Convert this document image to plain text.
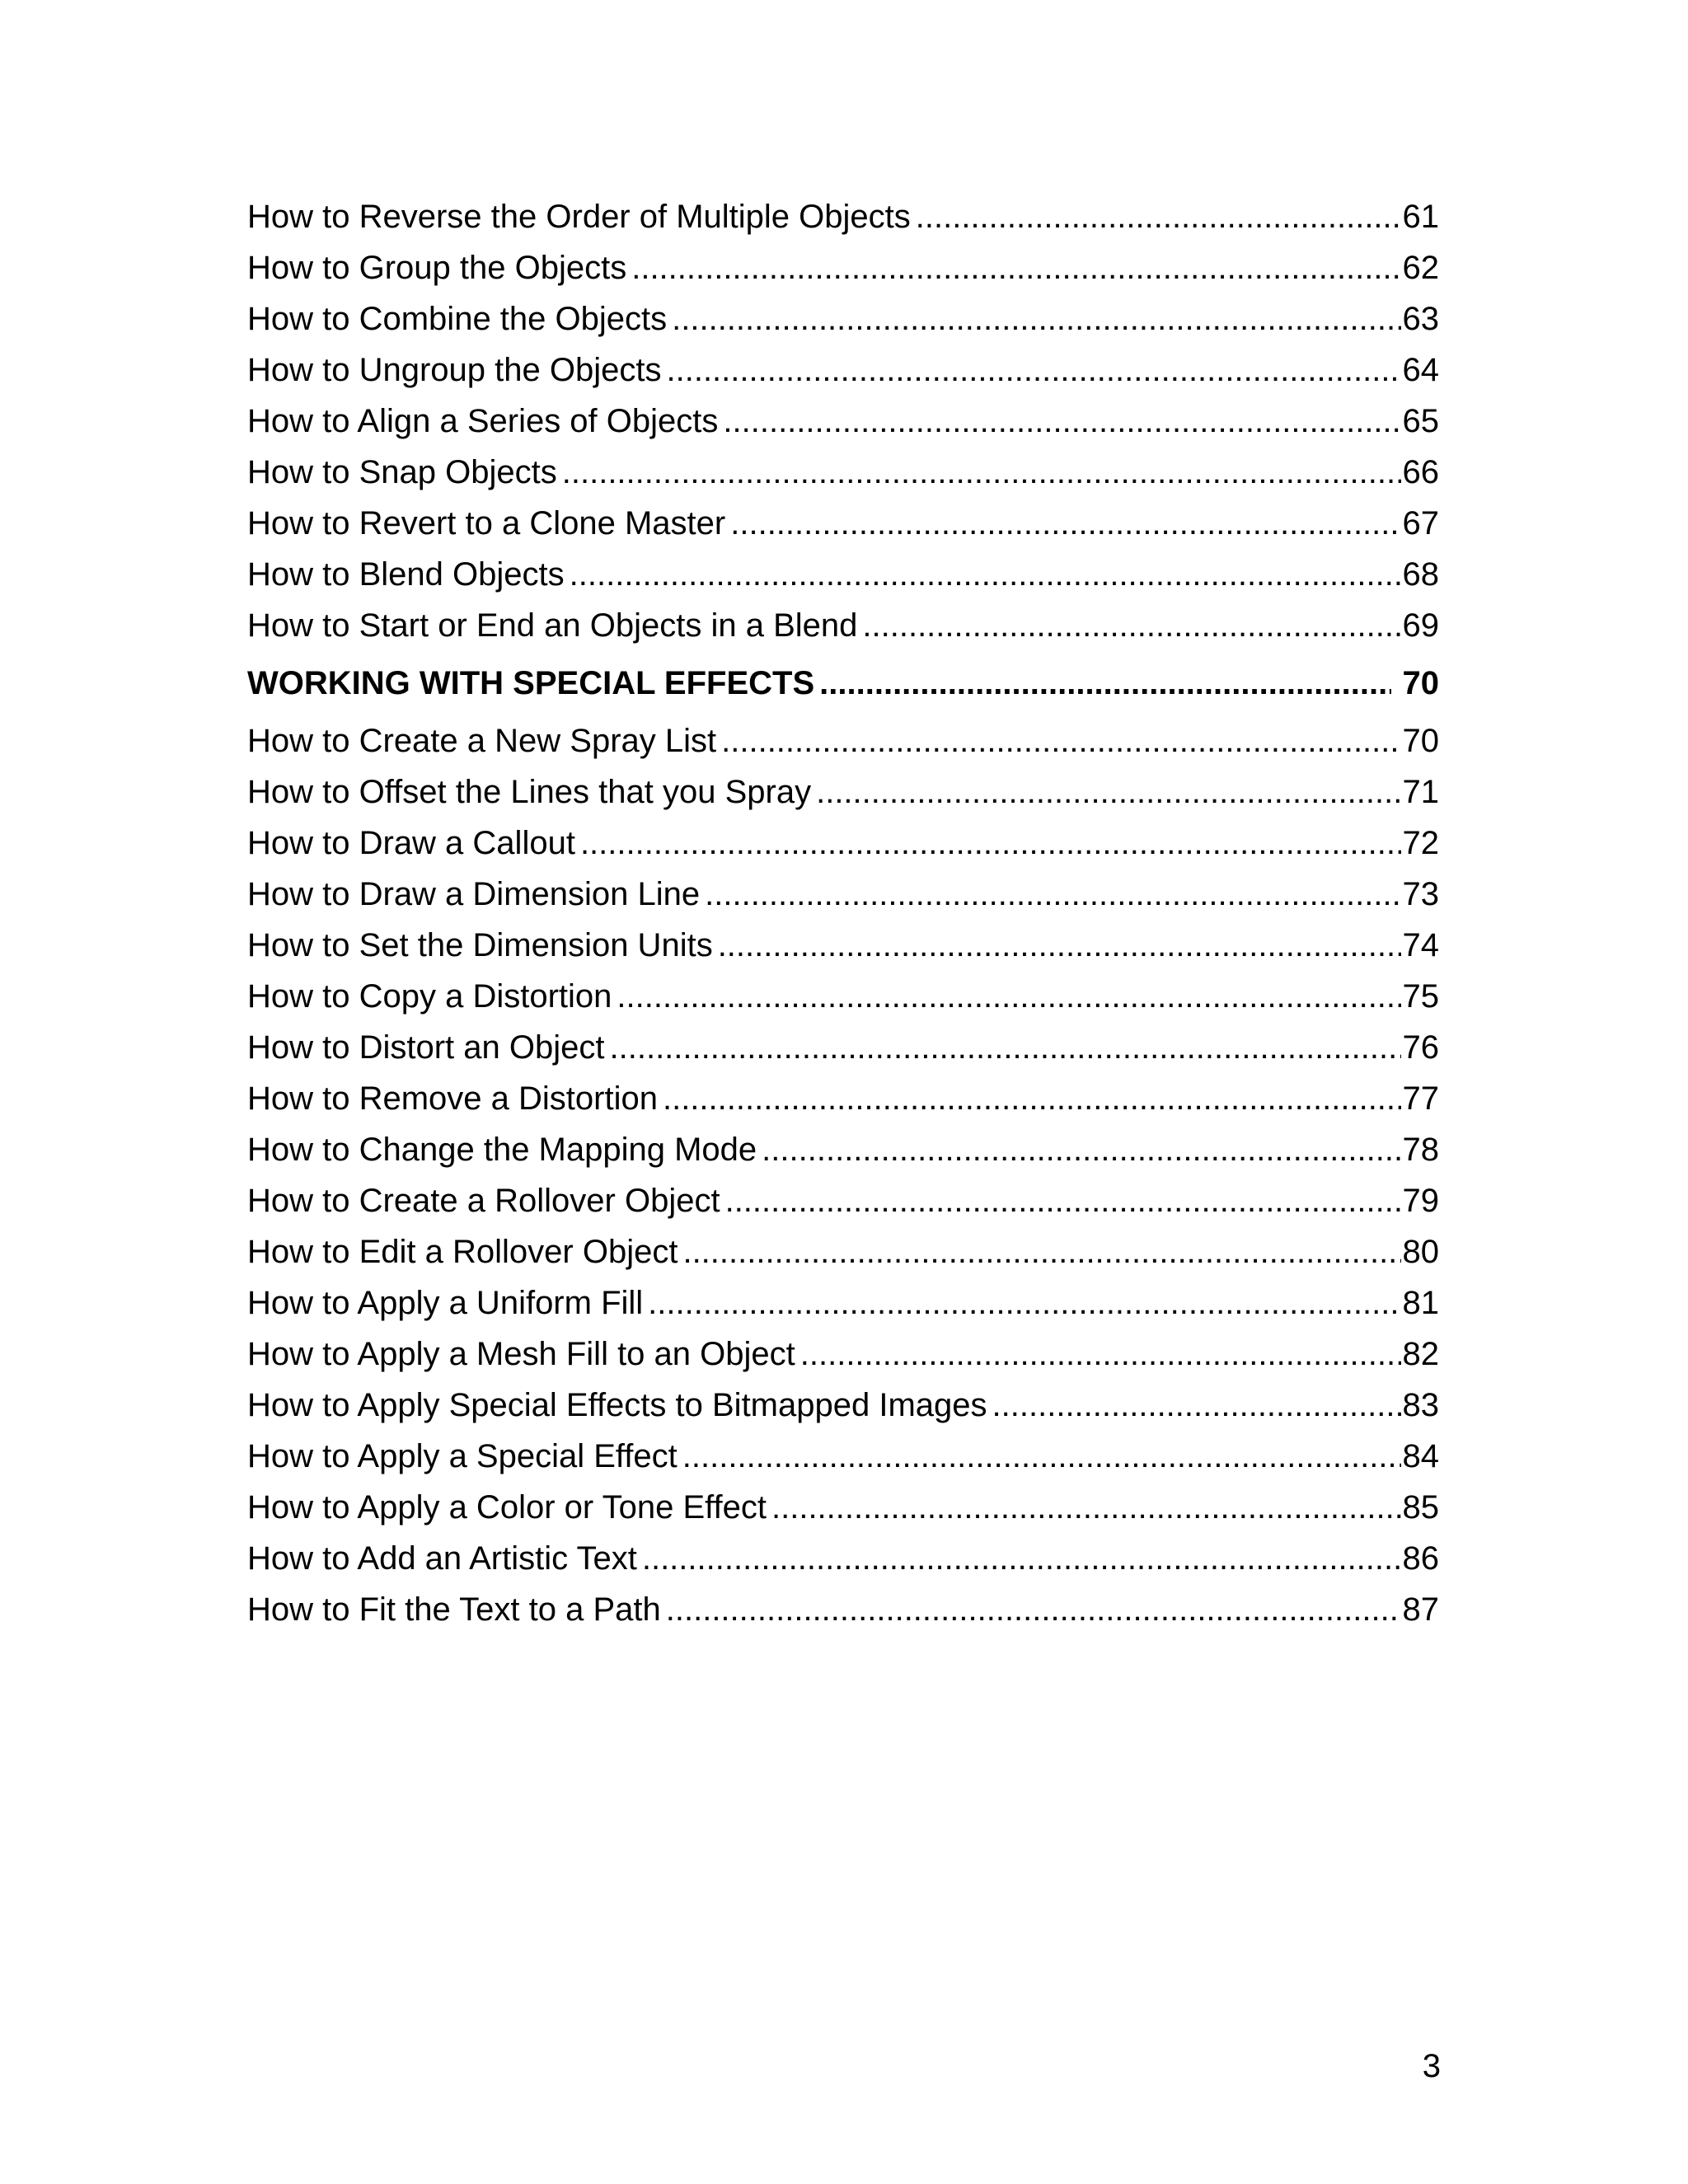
How to Reverse the Order of Multiple Objects .....	61
How to Group the Objects .....	62
How to Combine the Objects .....	63
How to Ungroup the Objects .....	64
How to Align a Series of Objects .....	65
How to Snap Objects .....	66
How to Revert to a Clone Master .....	67
How to Blend Objects .....	68
How to Start or End an Objects in a Blend .....	69
WORKING WITH SPECIAL EFFECTS .....	70
How to Create a New Spray List .....	70
How to Offset the Lines that you Spray .....	71
How to Draw a Callout .....	72
How to Draw a Dimension Line .....	73
How to Set the Dimension Units .....	74
How to Copy a Distortion .....	75
How to Distort an Object .....	76
How to Remove a Distortion .....	77
How to Change the Mapping Mode .....	78
How to Create a Rollover Object .....	79
How to Edit a Rollover Object .....	80
How to Apply a Uniform Fill .....	81
How to Apply a Mesh Fill to an Object .....	82
How to Apply Special Effects to Bitmapped Images .....	83
How to Apply a Special Effect .....	84
How to Apply a Color or Tone Effect .....	85
How to Add an Artistic Text .....	86
How to Fit the Text to a Path .....	87
3
